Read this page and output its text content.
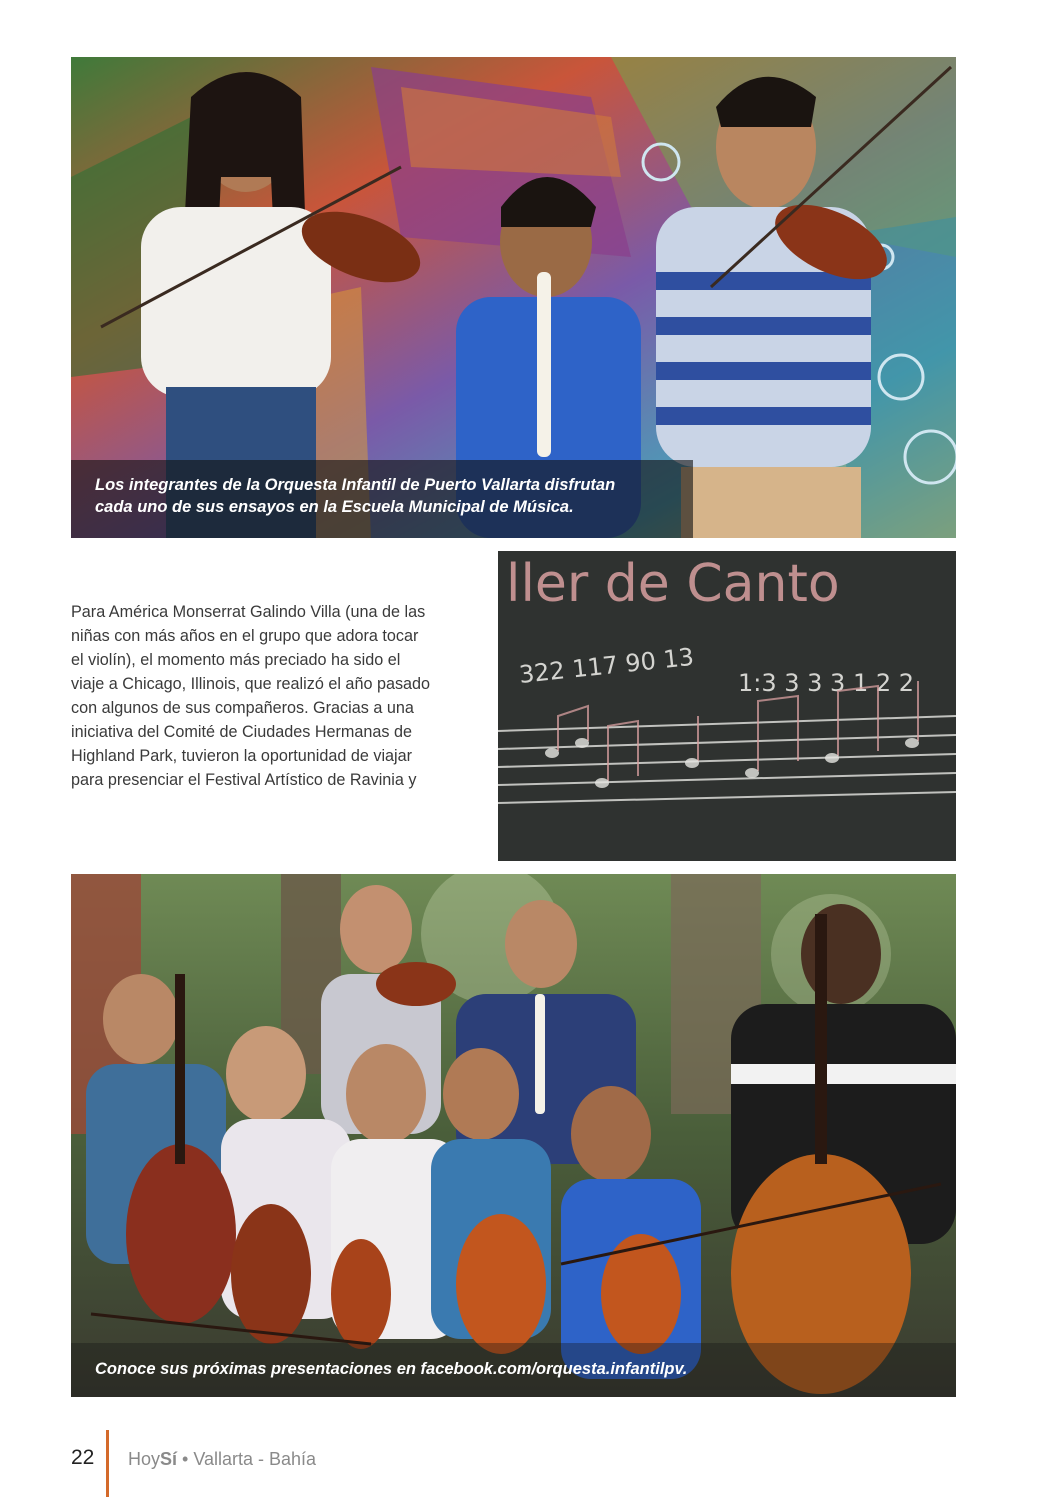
Los integrantes de la Orquesta Infantil de Puerto Vallarta disfrutan
cada uno de sus ensayos en la Escuela Municipal de Música.
Para América Monserrat Galindo Villa (una de las
niñas con más años en el grupo que adora tocar
el violín), el momento más preciado ha sido el
viaje a Chicago, Illinois, que realizó el año pasado
con algunos de sus compañeros. Gracias a una
iniciativa del Comité de Ciudades Hermanas de
Highland Park, tuvieron la oportunidad de viajar
para presenciar el Festival Artístico de Ravinia y
ller de Canto
322 117 90 13 1:3 3 3 3 1 2 2
Conoce sus próximas presentaciones en facebook.com/orquesta.infantilpv.
22 HoySí • Vallarta - Bahía
